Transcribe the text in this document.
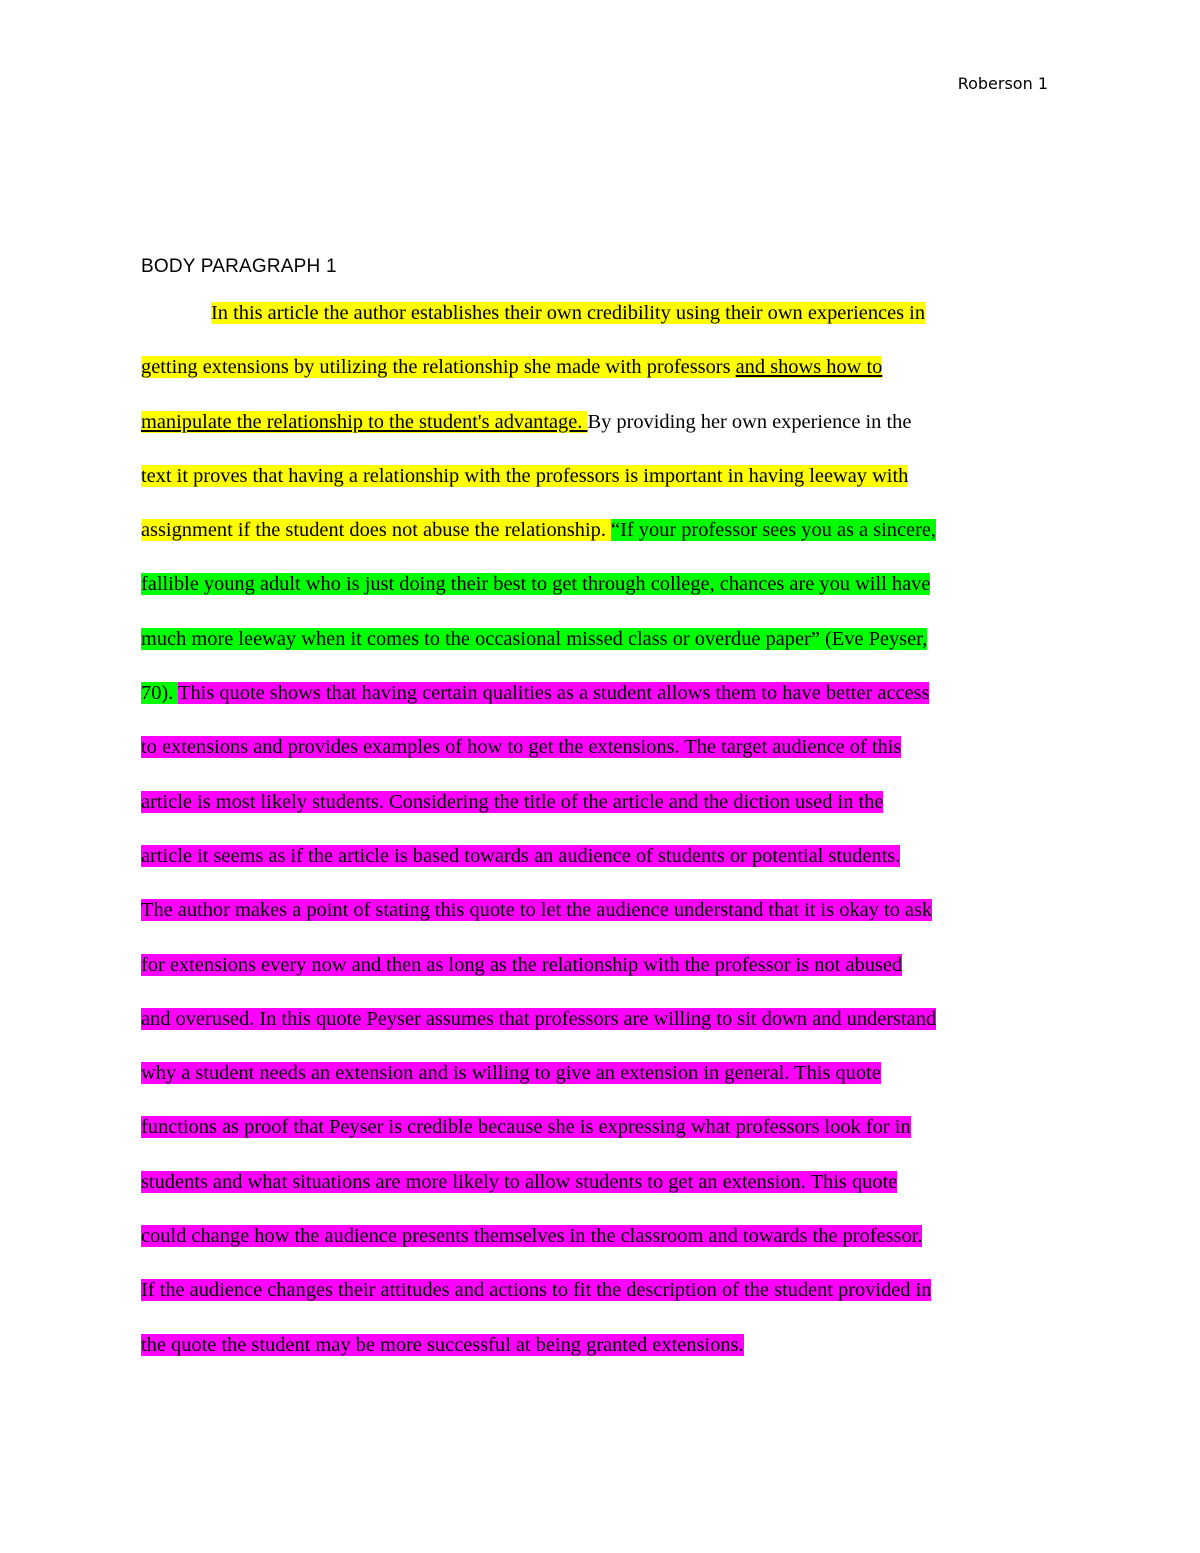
Roberson 1
BODY PARAGRAPH 1
In this article the author establishes their own credibility using their own experiences in
getting extensions by utilizing the relationship she made with professors and shows how to
manipulate the relationship to the student's advantage. By providing her own experience in the
text it proves that having a relationship with the professors is important in having leeway with
assignment if the student does not abuse the relationship. “If your professor sees you as a sincere,
fallible young adult who is just doing their best to get through college, chances are you will have
much more leeway when it comes to the occasional missed class or overdue paper” (Eve Peyser,
70). This quote shows that having certain qualities as a student allows them to have better access
to extensions and provides examples of how to get the extensions. The target audience of this
article is most likely students. Considering the title of the article and the diction used in the
article it seems as if the article is based towards an audience of students or potential students.
The author makes a point of stating this quote to let the audience understand that it is okay to ask
for extensions every now and then as long as the relationship with the professor is not abused
and overused. In this quote Peyser assumes that professors are willing to sit down and understand
why a student needs an extension and is willing to give an extension in general. This quote
functions as proof that Peyser is credible because she is expressing what professors look for in
students and what situations are more likely to allow students to get an extension. This quote
could change how the audience presents themselves in the classroom and towards the professor.
If the audience changes their attitudes and actions to fit the description of the student provided in
the quote the student may be more successful at being granted extensions.
